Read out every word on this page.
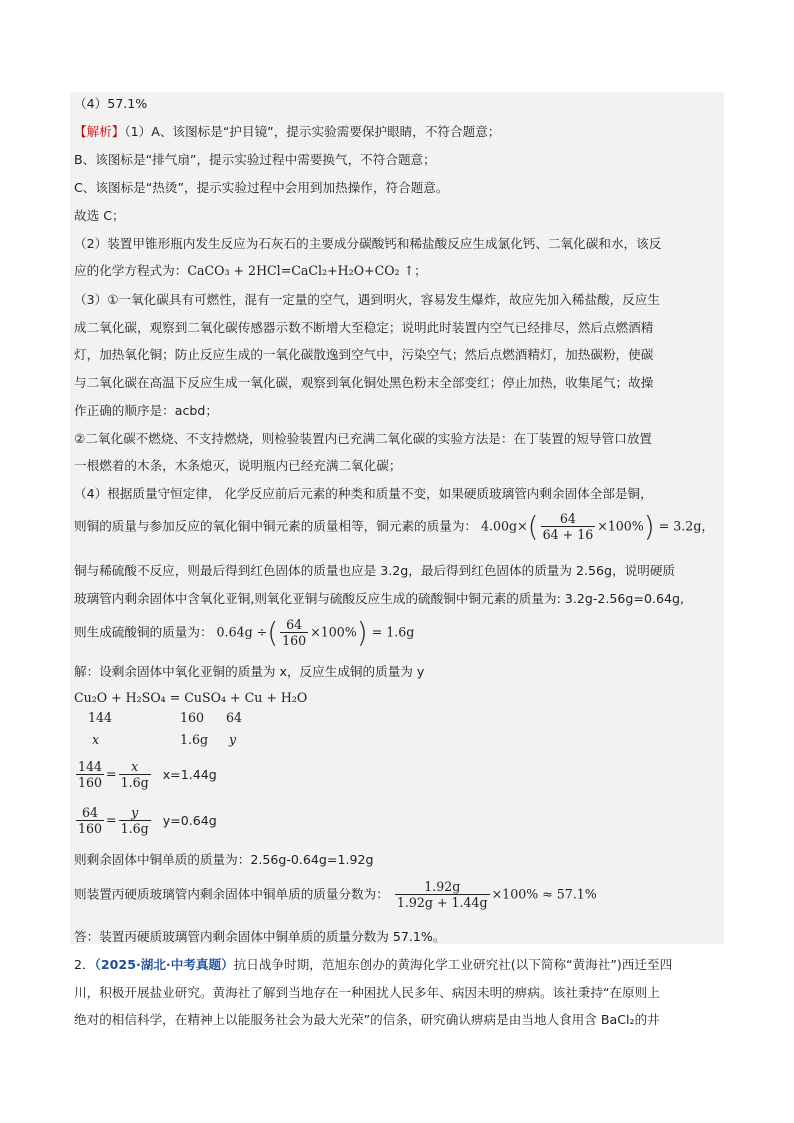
（4）57.1%
【解析】（1）A、该图标是“护目镜”，提示实验需要保护眼睛，不符合题意；
B、该图标是“排气扇”，提示实验过程中需要换气，不符合题意；
C、该图标是“热烫”，提示实验过程中会用到加热操作，符合题意。
故选 C；
（2）装置甲锥形瓶内发生反应为石灰石的主要成分碳酸钙和稀盐酸反应生成氯化钙、二氧化碳和水，该反
应的化学方程式为：CaCO₃ + 2HCl=CaCl₂+H₂O+CO₂ ↑；
（3）①一氧化碳具有可燃性，混有一定量的空气，遇到明火，容易发生爆炸，故应先加入稀盐酸，反应生
成二氧化碳，观察到二氧化碳传感器示数不断增大至稳定；说明此时装置内空气已经排尽，然后点燃酒精
灯，加热氧化铜；防止反应生成的一氧化碳散逸到空气中，污染空气；然后点燃酒精灯，加热碳粉，使碳
与二氧化碳在高温下反应生成一氧化碳，观察到氧化铜处黑色粉末全部变红；停止加热，收集尾气；故操
作正确的顺序是：acbd；
②二氧化碳不燃烧、不支持燃烧，则检验装置内已充满二氧化碳的实验方法是：在丁装置的短导管口放置
一根燃着的木条，木条熄灭，说明瓶内已经充满二氧化碳；
（4）根据质量守恒定律， 化学反应前后元素的种类和质量不变，如果硬质玻璃管内剩余固体全部是铜，
则铜的质量与参加反应的氧化铜中铜元素的质量相等，铜元素的质量为： $4.00g\times( \frac{64}{64 + 16} \times 100\%) = 3.2g$，
铜与稀硫酸不反应，则最后得到红色固体的质量也应是 3.2g，最后得到红色固体的质量为 2.56g，说明硬质
玻璃管内剩余固体中含氧化亚铜,则氧化亚铜与硫酸反应生成的硫酸铜中铜元素的质量为: 3.2g-2.56g=0.64g,
则生成硫酸铜的质量为： 0.64g ÷( $\frac{64}{160} \times 100\%) = 1.6g$
解：设剩余固体中氧化亚铜的质量为 x，反应生成铜的质量为 y
Cu₂O + H₂SO₄ = CuSO₄ + Cu + H₂O
144	160 64
x	1.6g y
$\frac{144}{160} = \frac{x}{1.6g} x=1.44g$
$\frac{64}{160} = \frac{y}{1.6g} y=0.64g$
则剩余固体中铜单质的质量为：2.56g-0.64g=1.92g
则装置丙硬质玻璃管内剩余固体中铜单质的质量分数为： $\frac{1.92g}{1.92g + 1.44g} \times 100\% \approx 57.1\%$
答：装置丙硬质玻璃管内剩余固体中铜单质的质量分数为 57.1%。
2．（2025·湖北·中考真题）抗日战争时期，范旭东创办的黄海化学工业研究社(以下简称“黄海社”)西迁至四
川，积极开展盐业研究。黄海社了解到当地存在一种困扰人民多年、病因未明的痹病。该社秉持“在原则上
绝对的相信科学，在精神上以能服务社会为最大光荣”的信条，研究确认痹病是由当地人食用含 BaCl₂的井
